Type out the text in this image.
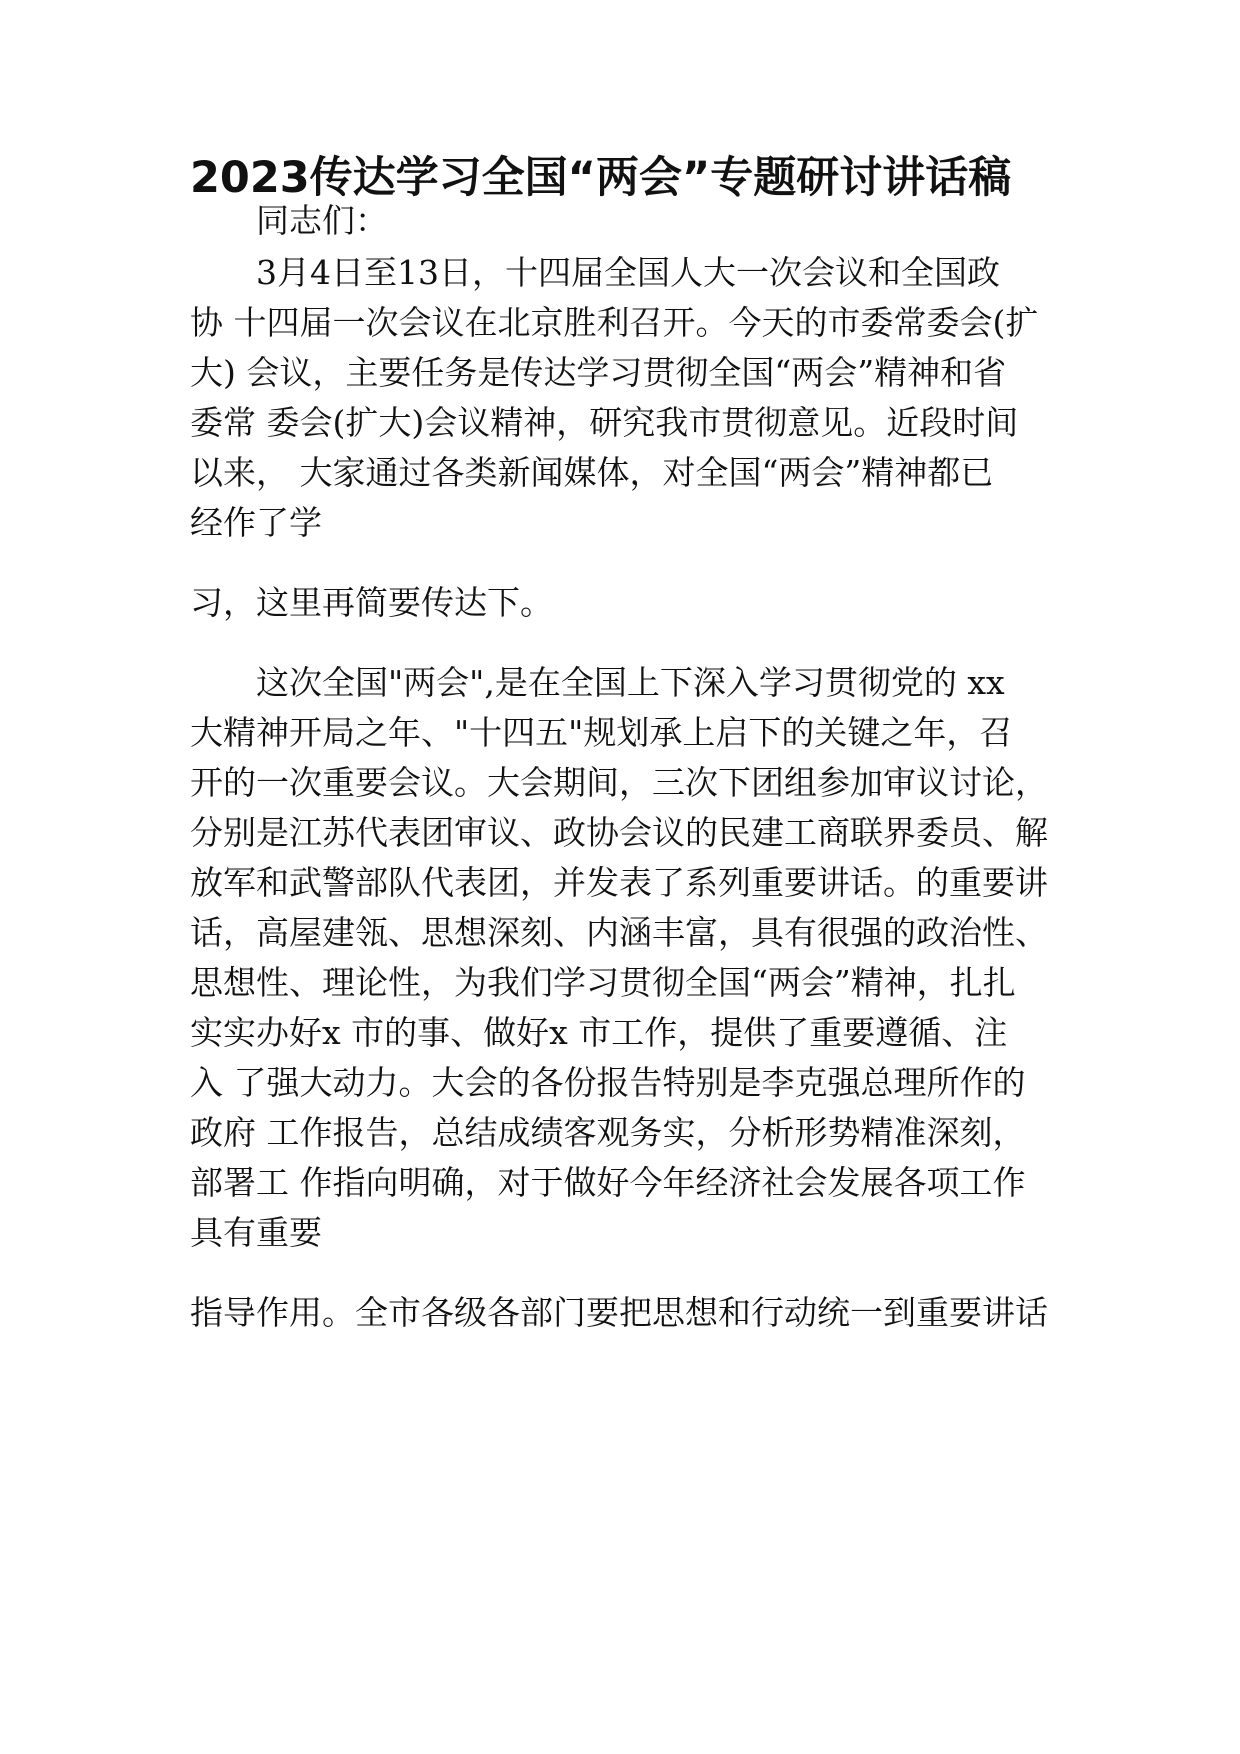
2023传达学习全国“两会”专题研讨讲话稿
同志们：
3月4日至13日，十四届全国人大一次会议和全国政
协 十四届一次会议在北京胜利召开。今天的市委常委会(扩
大) 会议，主要任务是传达学习贯彻全国“两会”精神和省
委常 委会(扩大)会议精神，研究我市贯彻意见。近段时间
以来， 大家通过各类新闻媒体，对全国“两会”精神都已
经作了学
习，这里再简要传达下。
这次全国"两会",是在全国上下深入学习贯彻党的 xx
大精神开局之年、"十四五"规划承上启下的关键之年，召
开的一次重要会议。大会期间，三次下团组参加审议讨论，
分别是江苏代表团审议、政协会议的民建工商联界委员、解
放军和武警部队代表团，并发表了系列重要讲话。的重要讲
话，高屋建瓴、思想深刻、内涵丰富，具有很强的政治性、
思想性、理论性，为我们学习贯彻全国“两会”精神，扎扎
实实办好x 市的事、做好x 市工作，提供了重要遵循、注
入 了强大动力。大会的各份报告特别是李克强总理所作的
政府 工作报告，总结成绩客观务实，分析形势精准深刻，
部署工 作指向明确，对于做好今年经济社会发展各项工作
具有重要
指导作用。全市各级各部门要把思想和行动统一到重要讲话
